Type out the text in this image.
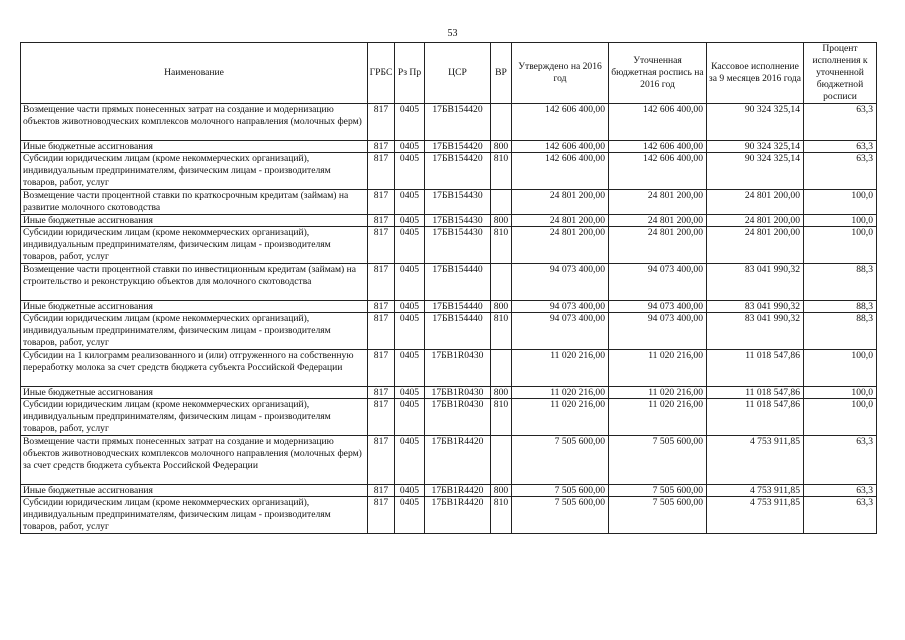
53
Наименование	ГРБС	Рз Пр	ЦСР	ВР	Утверждено на 2016 год	Уточненная бюджетная роспись на 2016 год	Кассовое исполнение за 9 месяцев 2016 года	Процент исполнения к уточненной бюджетной росписи
Возмещение части прямых понесенных затрат на создание и модернизацию объектов животноводческих комплексов молочного направления (молочных ферм)	817	0405	17БВ154420		142 606 400,00	142 606 400,00	90 324 325,14	63,3
Иные бюджетные ассигнования	817	0405	17БВ154420	800	142 606 400,00	142 606 400,00	90 324 325,14	63,3
Субсидии юридическим лицам (кроме некоммерческих организаций), индивидуальным предпринимателям, физическим лицам - производителям товаров, работ, услуг	817	0405	17БВ154420	810	142 606 400,00	142 606 400,00	90 324 325,14	63,3
Возмещение части процентной ставки по краткосрочным кредитам (займам) на развитие молочного скотоводства	817	0405	17БВ154430		24 801 200,00	24 801 200,00	24 801 200,00	100,0
Иные бюджетные ассигнования	817	0405	17БВ154430	800	24 801 200,00	24 801 200,00	24 801 200,00	100,0
Субсидии юридическим лицам (кроме некоммерческих организаций), индивидуальным предпринимателям, физическим лицам - производителям товаров, работ, услуг	817	0405	17БВ154430	810	24 801 200,00	24 801 200,00	24 801 200,00	100,0
Возмещение части процентной ставки по инвестиционным кредитам (займам) на строительство и реконструкцию объектов для молочного скотоводства	817	0405	17БВ154440		94 073 400,00	94 073 400,00	83 041 990,32	88,3
Иные бюджетные ассигнования	817	0405	17БВ154440	800	94 073 400,00	94 073 400,00	83 041 990,32	88,3
Субсидии юридическим лицам (кроме некоммерческих организаций), индивидуальным предпринимателям, физическим лицам - производителям товаров, работ, услуг	817	0405	17БВ154440	810	94 073 400,00	94 073 400,00	83 041 990,32	88,3
Субсидии на 1 килограмм реализованного и (или) отгруженного на собственную переработку молока за счет средств бюджета субъекта Российской Федерации	817	0405	17БВ1R0430		11 020 216,00	11 020 216,00	11 018 547,86	100,0
Иные бюджетные ассигнования	817	0405	17БВ1R0430	800	11 020 216,00	11 020 216,00	11 018 547,86	100,0
Субсидии юридическим лицам (кроме некоммерческих организаций), индивидуальным предпринимателям, физическим лицам - производителям товаров, работ, услуг	817	0405	17БВ1R0430	810	11 020 216,00	11 020 216,00	11 018 547,86	100,0
Возмещение части прямых понесенных затрат на создание и модернизацию объектов животноводческих комплексов молочного направления (молочных ферм) за счет средств бюджета субъекта Российской Федерации	817	0405	17БВ1R4420		7 505 600,00	7 505 600,00	4 753 911,85	63,3
Иные бюджетные ассигнования	817	0405	17БВ1R4420	800	7 505 600,00	7 505 600,00	4 753 911,85	63,3
Субсидии юридическим лицам (кроме некоммерческих организаций), индивидуальным предпринимателям, физическим лицам - производителям товаров, работ, услуг	817	0405	17БВ1R4420	810	7 505 600,00	7 505 600,00	4 753 911,85	63,3
